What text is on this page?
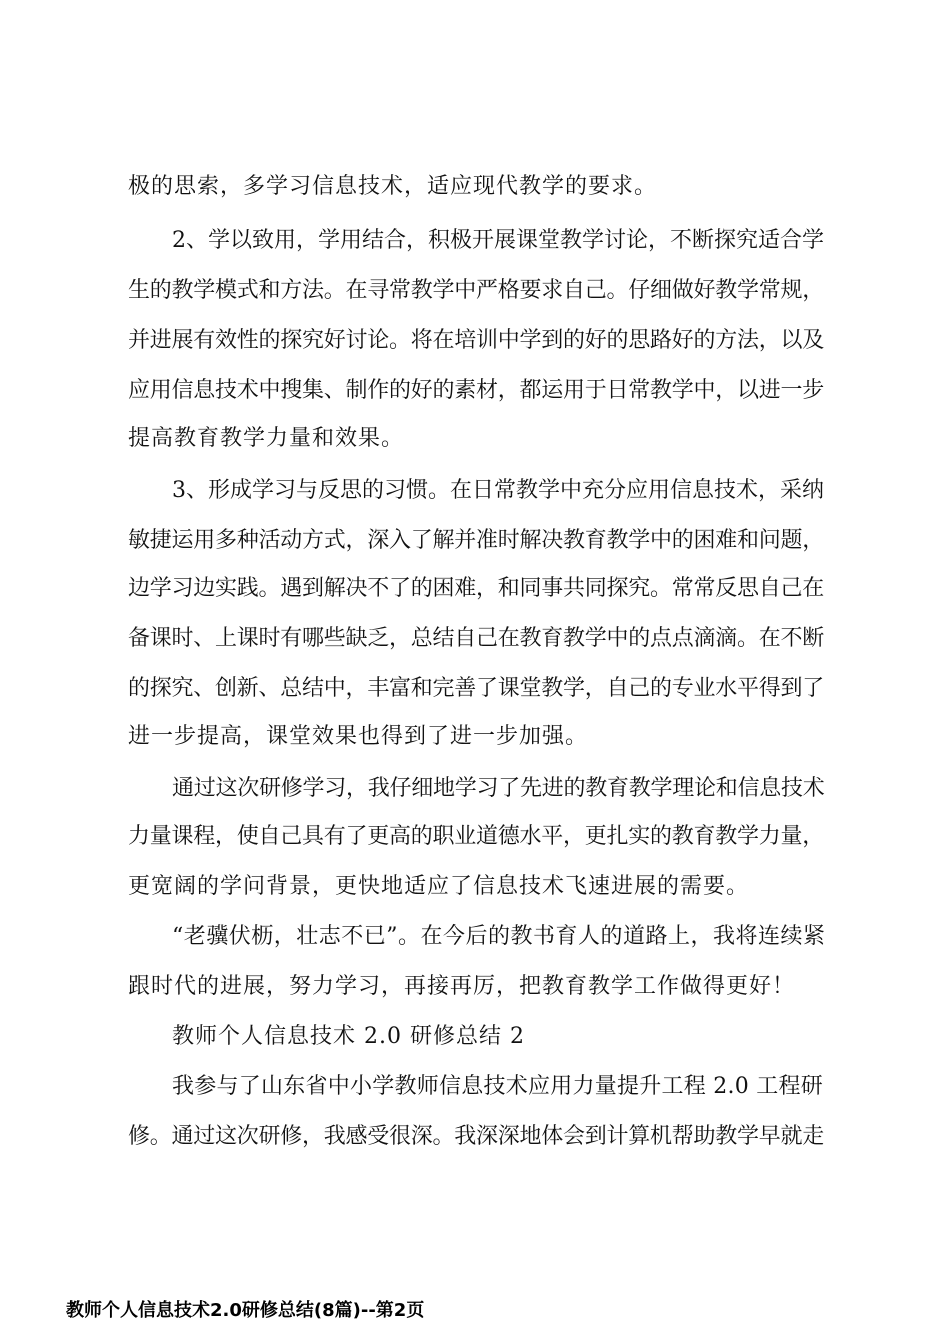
极的思索，多学习信息技术，适应现代教学的要求。
2、学以致用，学用结合，积极开展课堂教学讨论，不断探究适合学
生的教学模式和方法。在寻常教学中严格要求自己。仔细做好教学常规，
并进展有效性的探究好讨论。将在培训中学到的好的思路好的方法，以及
应用信息技术中搜集、制作的好的素材，都运用于日常教学中，以进一步
提高教育教学力量和效果。
3、形成学习与反思的习惯。在日常教学中充分应用信息技术，采纳
敏捷运用多种活动方式，深入了解并准时解决教育教学中的困难和问题，
边学习边实践。遇到解决不了的困难，和同事共同探究。常常反思自己在
备课时、上课时有哪些缺乏，总结自己在教育教学中的点点滴滴。在不断
的探究、创新、总结中，丰富和完善了课堂教学，自己的专业水平得到了
进一步提高，课堂效果也得到了进一步加强。
通过这次研修学习，我仔细地学习了先进的教育教学理论和信息技术
力量课程，使自己具有了更高的职业道德水平，更扎实的教育教学力量，
更宽阔的学问背景，更快地适应了信息技术飞速进展的需要。
“老骥伏枥，壮志不已”。在今后的教书育人的道路上，我将连续紧
跟时代的进展，努力学习，再接再厉，把教育教学工作做得更好！
教师个人信息技术 2.0 研修总结 2
我参与了山东省中小学教师信息技术应用力量提升工程 2.0 工程研
修。通过这次研修，我感受很深。我深深地体会到计算机帮助教学早就走
教师个人信息技术2.0研修总结(8篇)--第2页
